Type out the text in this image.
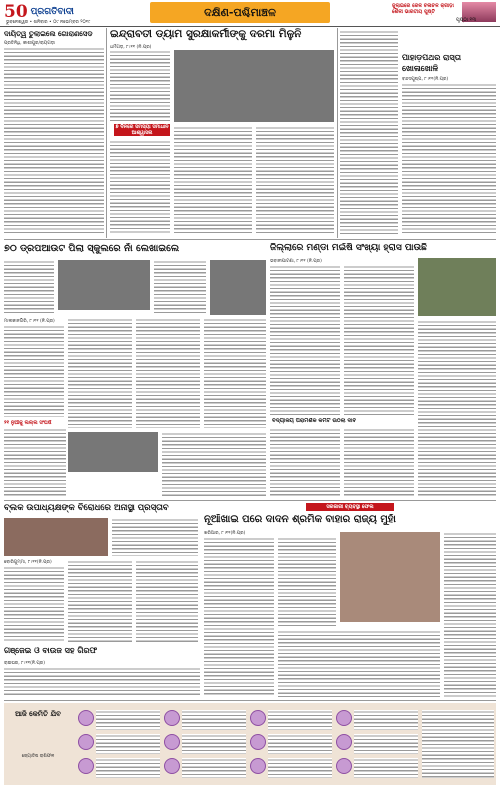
50 ପ୍ରଗତିବାଦୀ
ଭୁବନେଶ୍ୱର • ଶନିବାର • ୦୯ ନଭେମ୍ବର ୨୦୧୯
ଦକ୍ଷିଣ-ପଶ୍ଚିମାଞ୍ଚଳ	ଜୁଲାଇରେ ରେଳ ଚଳାଚଳ କ୍ରୀଡ଼ା ଶୈଳୀ ଭାରତୀୟ ପୁଷ୍ଟି
ପୃଷ୍ଠା ୧୩
ଦାୟିତ୍ୱ ତୁଲାଇଲେ ଗୋରାଣସେଡ
ପ୍ରତିନିଧି, କାଶୀପୁର/ରାୟଗଡ଼ା
ଇନ୍ଦ୍ରାବତୀ ଡ୍ୟାମ ସୁରକ୍ଷାକର୍ମୀଙ୍କୁ ଦରମା ମିଳୁନି
ଧର୍ମଗଡ଼, ୮।୧୧ (ନି.ପ୍ର)
୭ ଦିନରେ ସମସ୍ୟା ସମାଧାନ ଆଶ୍ୱାସନା
ପାହାଡ଼ପଥର ରାସ୍ତା ଖୋଳାଖୋଳି
ବନ୍ଦସପୁଷ୍ପ, ୮।୧୧(ନି.ପ୍ର)
୭୦ ଡ୍ରପଆଉଟ ପିଲା ସ୍କୁଲରେ ନାଁ ଲେଖାଇଲେ
ମାଲକାନଗିରି, ୮।୧୧ (ନି.ପ୍ର)
୨୧ ନୁଆଁକୁ ଲଲ୍ଲ ସଂଘର୍ଷ
ଜିଲ୍ଲାରେ ମଣ୍ଡା ମଇଁଷି ସଂଖ୍ୟା ହ୍ରାସ ପାଉଛି
ଭବାନୀପାଟଣା, ୮।୧୧ (ନି.ପ୍ର)
ବିଦ୍ୟାଳୟ ପରାମର୍ଶକ କମିଟି ଉଠିଲା ଦାବି
ବ୍ଲକ ଉପାଧ୍ୟକ୍ଷଙ୍କ ବିରୋଧରେ ଅନାସ୍ଥା ପ୍ରସ୍ତାବ
ବୋରିଗୁମ୍ମା, ୮।୧୧(ନି.ପ୍ର)
ସରକାରୀ ବ୍ୟବସ୍ଥା ଫେଲ
ନୂଆଁଖାଇ ପରେ ଦାଦନ ଶ୍ରମିକ ବାହାର ରାଜ୍ୟ ମୁହାଁ
ଖରିଆର, ୮।୧୧(ନି.ପ୍ର)
ଗଞ୍ଜେଇ ଓ ବାଉଜ ସହ ଗିରଫ
ରାଇଘର, ୮।୧୧(ନି.ପ୍ର)
ଆଜି କେମିତି ଯିବ
ଜ୍ୟୋତିଷ ରାଶିଫଳ
